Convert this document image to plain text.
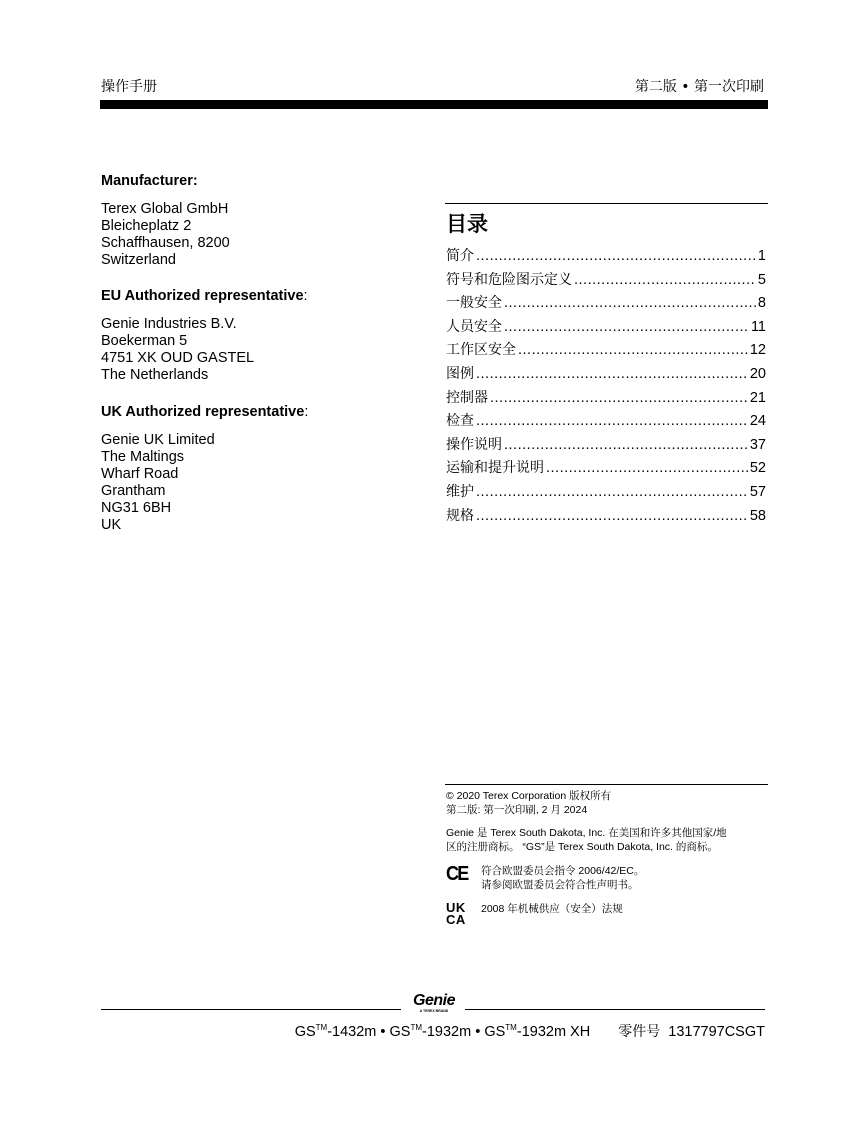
操作手册	第二版 • 第一次印刷

Manufacturer:

Terex Global GmbH
Bleicheplatz 2
Schaffhausen, 8200
Switzerland

EU Authorized representative:

Genie Industries B.V.
Boekerman 5
4751 XK OUD GASTEL
The Netherlands

UK Authorized representative:

Genie UK Limited
The Maltings
Wharf Road
Grantham
NG31 6BH
UK
目录
简介 .....	1
符号和危险图示定义 .....	5
一般安全 .....	8
人员安全 .....	11
工作区安全 .....	12
图例 .....	20
控制器 .....	21
检查 .....	24
操作说明 .....	37
运输和提升说明 .....	52
维护 .....	57
规格 .....	58

© 2020 Terex Corporation 版权所有

第二版: 第一次印刷, 2 月 2024

Genie 是 Terex South Dakota, Inc. 在美国和许多其他国家/地

区的注册商标。 “GS”是 Terex South Dakota, Inc. 的商标。

CE 符合欧盟委员会指令 2006/42/EC。

请参阅欧盟委员会符合性声明书。

UK
CA

2008 年机械供应（安全）法规

Genie
A TEREX BRAND
GS™-1432m • GS™-1932m • GS™-1932m XH 零件号 1317797CSGT
